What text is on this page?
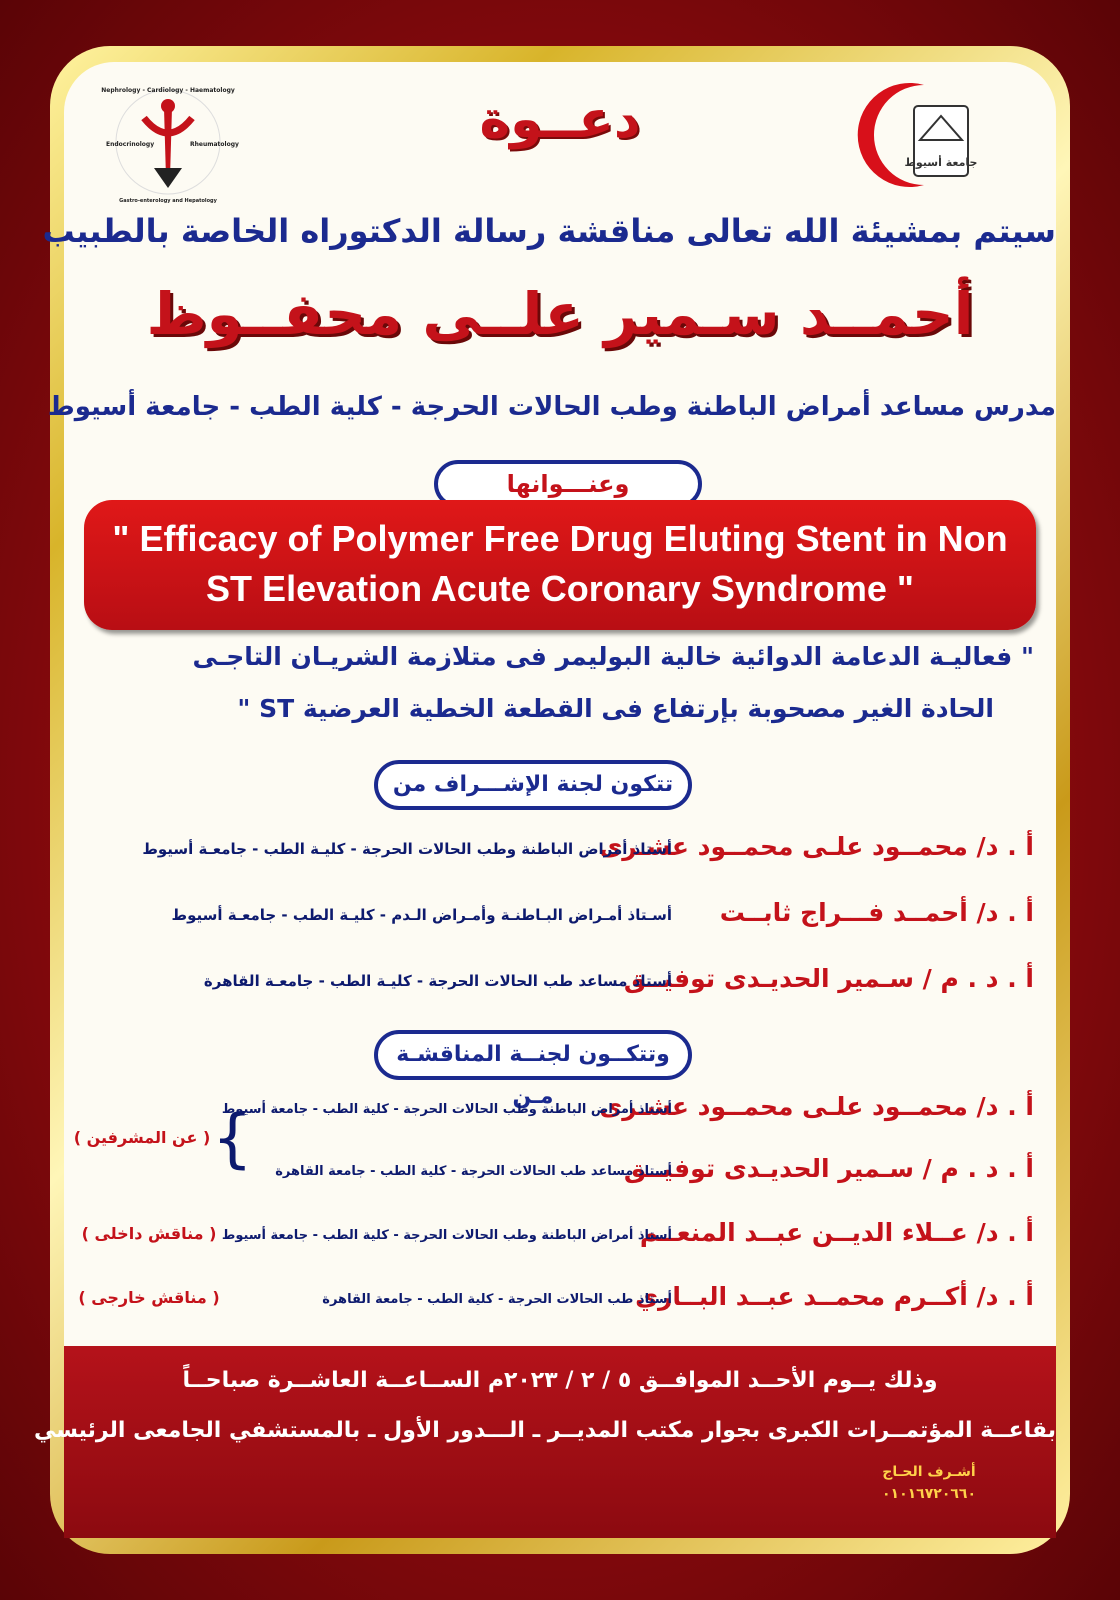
Nephrology - Cardiology - Haematology
Endocrinology	Rheumatology
Gastro-enterology and Hepatology
جامعة أسيوط
دعــوة
سيتم بمشيئة الله تعالى مناقشة رسالة الدكتوراه الخاصة بالطبيب
أحمــد سـمير علــى محفــوظ
مدرس مساعد أمراض الباطنة وطب الحالات الحرجة - كلية الطب - جامعة أسيوط
وعنـــوانها
" Efficacy of Polymer Free Drug Eluting Stent in Non
ST Elevation Acute Coronary Syndrome "
" فعاليـة الدعامة الدوائية خالية البوليمر فى متلازمة الشريـان التاجـى
الحادة الغير مصحوبة بإرتفاع فى القطعة الخطية العرضية ST "
تتكون لجنة الإشـــراف من
أ . د/ محمــود علـى محمــود عشـرى
أستاذ أمراض الباطنة وطب الحالات الحرجة - كليـة الطب - جامعـة أسيوط
أ . د/ أحمــد فـــراج ثابــت
أسـتاذ أمـراض البـاطنـة وأمـراض الـدم - كليـة الطب - جامعـة أسيوط
أ . د . م / سـمير الحديـدى توفيــق
أستاذ مساعد طب الحالات الحرجة - كليـة الطب - جامعـة القاهرة
وتتكــون لجنــة المناقشـة مـن	أ . د/ محمــود علـى محمــود عشـرى
أستاذ أمراض الباطنة وطب الحالات الحرجة - كلية الطب - جامعة أسيوط
أ . د . م / سـمير الحديـدى توفيــق
أستاذ مساعد طب الحالات الحرجة - كلية الطب - جامعة القاهرة
{
( عن المشرفين )
أ . د/ عــلاء الديــن عبــد المنعــم
أستاذ أمراض الباطنة وطب الحالات الحرجة - كلية الطب - جامعة أسيوط
( مناقش داخلى )
أ . د/ أكــرم محمــد عبــد البــاري
أستاذ طب الحالات الحرجة - كلية الطب - جامعة القاهرة
( مناقش خارجى )
وذلك يــوم الأحــد الموافــق ٥ / ٢ / ٢٠٢٣م الســاعــة العاشــرة صباحــاً
بقاعــة المؤتمــرات الكبرى بجوار مكتب المديــر ـ الـــدور الأول ـ بالمستشفي الجامعى الرئيسي
أشـرف الحـاج
٠١٠١٦٧٢٠٦٦٠
